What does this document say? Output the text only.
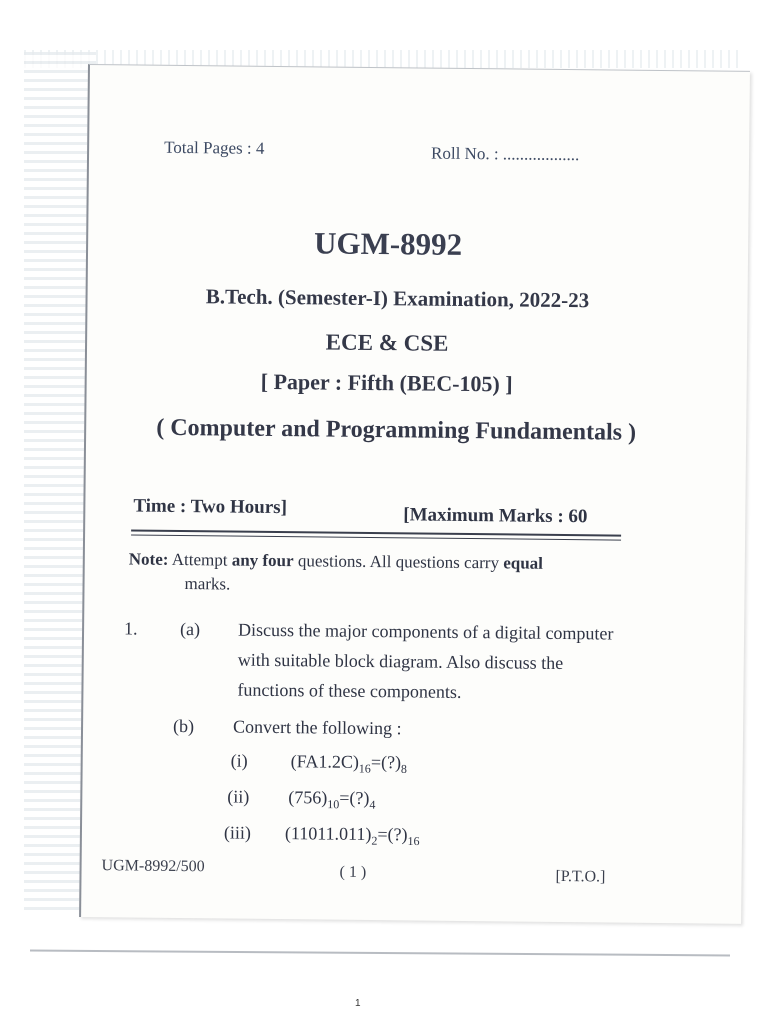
Total Pages : 4	Roll No. : ..................
UGM-8992
B.Tech. (Semester-I) Examination, 2022-23
ECE & CSE
[ Paper : Fifth (BEC-105) ]
( Computer and Programming Fundamentals )
Time : Two Hours]	[Maximum Marks : 60
Note: Attempt any four questions. All questions carry equal
marks.
1. (a) Discuss the major components of a digital computer with suitable block diagram. Also discuss the functions of these components.
(b) Convert the following :
(i) $(FA1.2C)_{16}=(?)_8$
(ii) $(756)_{10}=(?)_4$
(iii) $(11011.011)_2=(?)_{16}$
UGM-8992/500	( 1 )	[P.T.O.]
1
